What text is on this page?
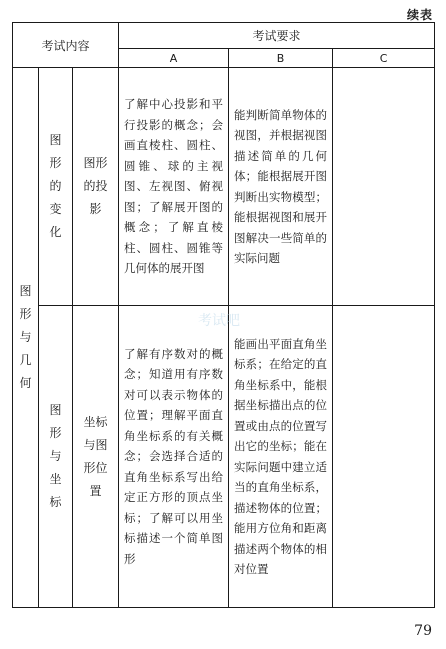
续表
考试内容			考试要求		
			A	B	C

图形与几何	图形的变化	图形的投影	了解中心投影和平行投影的概念；会画直棱柱、圆柱、圆锥、球的主视图、左视图、俯视图；了解展开图的概念；了解直棱柱、圆柱、圆锥等几何体的展开图	能判断简单物体的视图，并根据视图描述简单的几何体；能根据展开图判断出实物模型；能根据视图和展开图解决一些简单的实际问题	

	图形与坐标	坐标与图形位置	了解有序数对的概念；知道用有序数对可以表示物体的位置；理解平面直角坐标系的有关概念；会选择合适的直角坐标系写出给定正方形的顶点坐标；了解可以用坐标描述一个简单图形	能画出平面直角坐标系；在给定的直角坐标系中，能根据坐标描出点的位置或由点的位置写出它的坐标；能在实际问题中建立适当的直角坐标系，描述物体的位置；能用方位角和距离描述两个物体的相对位置	
考试吧
79
